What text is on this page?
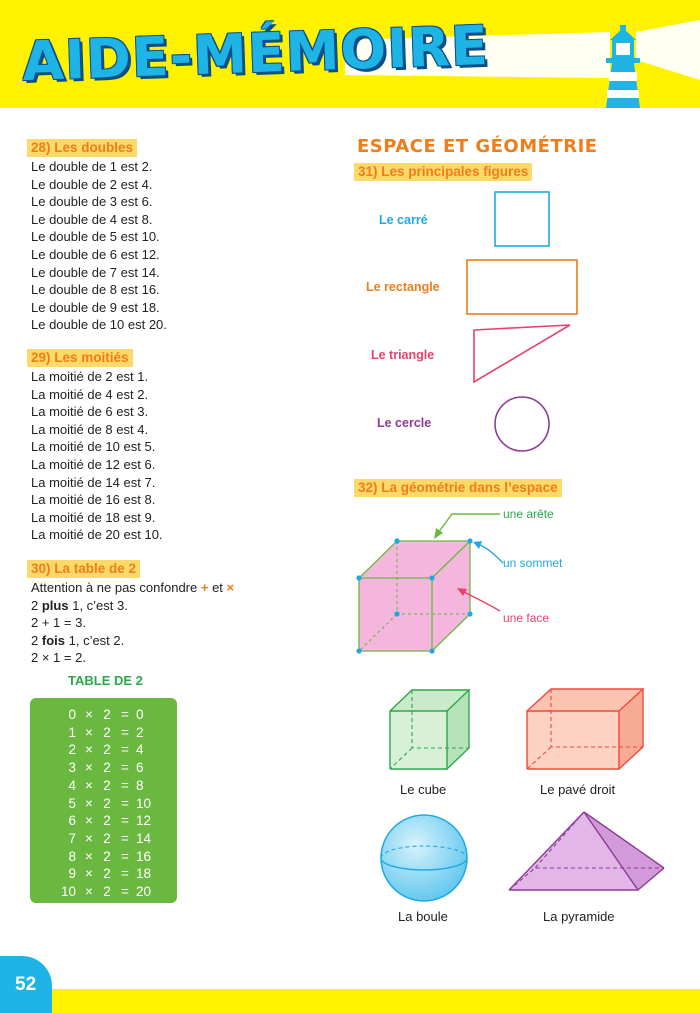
AIDE-MÉMOIRE
28) Les doubles
Le double de 1 est 2.
Le double de 2 est 4.
Le double de 3 est 6.
Le double de 4 est 8.
Le double de 5 est 10.
Le double de 6 est 12.
Le double de 7 est 14.
Le double de 8 est 16.
Le double de 9 est 18.
Le double de 10 est 20.
29) Les moitiés
La moitié de 2 est 1.
La moitié de 4 est 2.
La moitié de 6 est 3.
La moitié de 8 est 4.
La moitié de 10 est 5.
La moitié de 12 est 6.
La moitié de 14 est 7.
La moitié de 16 est 8.
La moitié de 18 est 9.
La moitié de 20 est 10.
30) La table de 2
Attention à ne pas confondre + et ×
2 plus 1, c’est 3.
2 + 1 = 3.
2 fois 1, c’est 2.
2 × 1 = 2.
TABLE DE 2
0 × 2 = 0
1 × 2 = 2
2 × 2 = 4
3 × 2 = 6
4 × 2 = 8
5 × 2 = 10
6 × 2 = 12
7 × 2 = 14
8 × 2 = 16
9 × 2 = 18
10 × 2 = 20
ESPACE ET GÉOMÉTRIE
31) Les principales figures
Le carré
Le rectangle
Le triangle
Le cercle
32) La géométrie dans l’espace
une arête
un sommet
une face
Le cube	Le pavé droit
La boule	La pyramide
52
